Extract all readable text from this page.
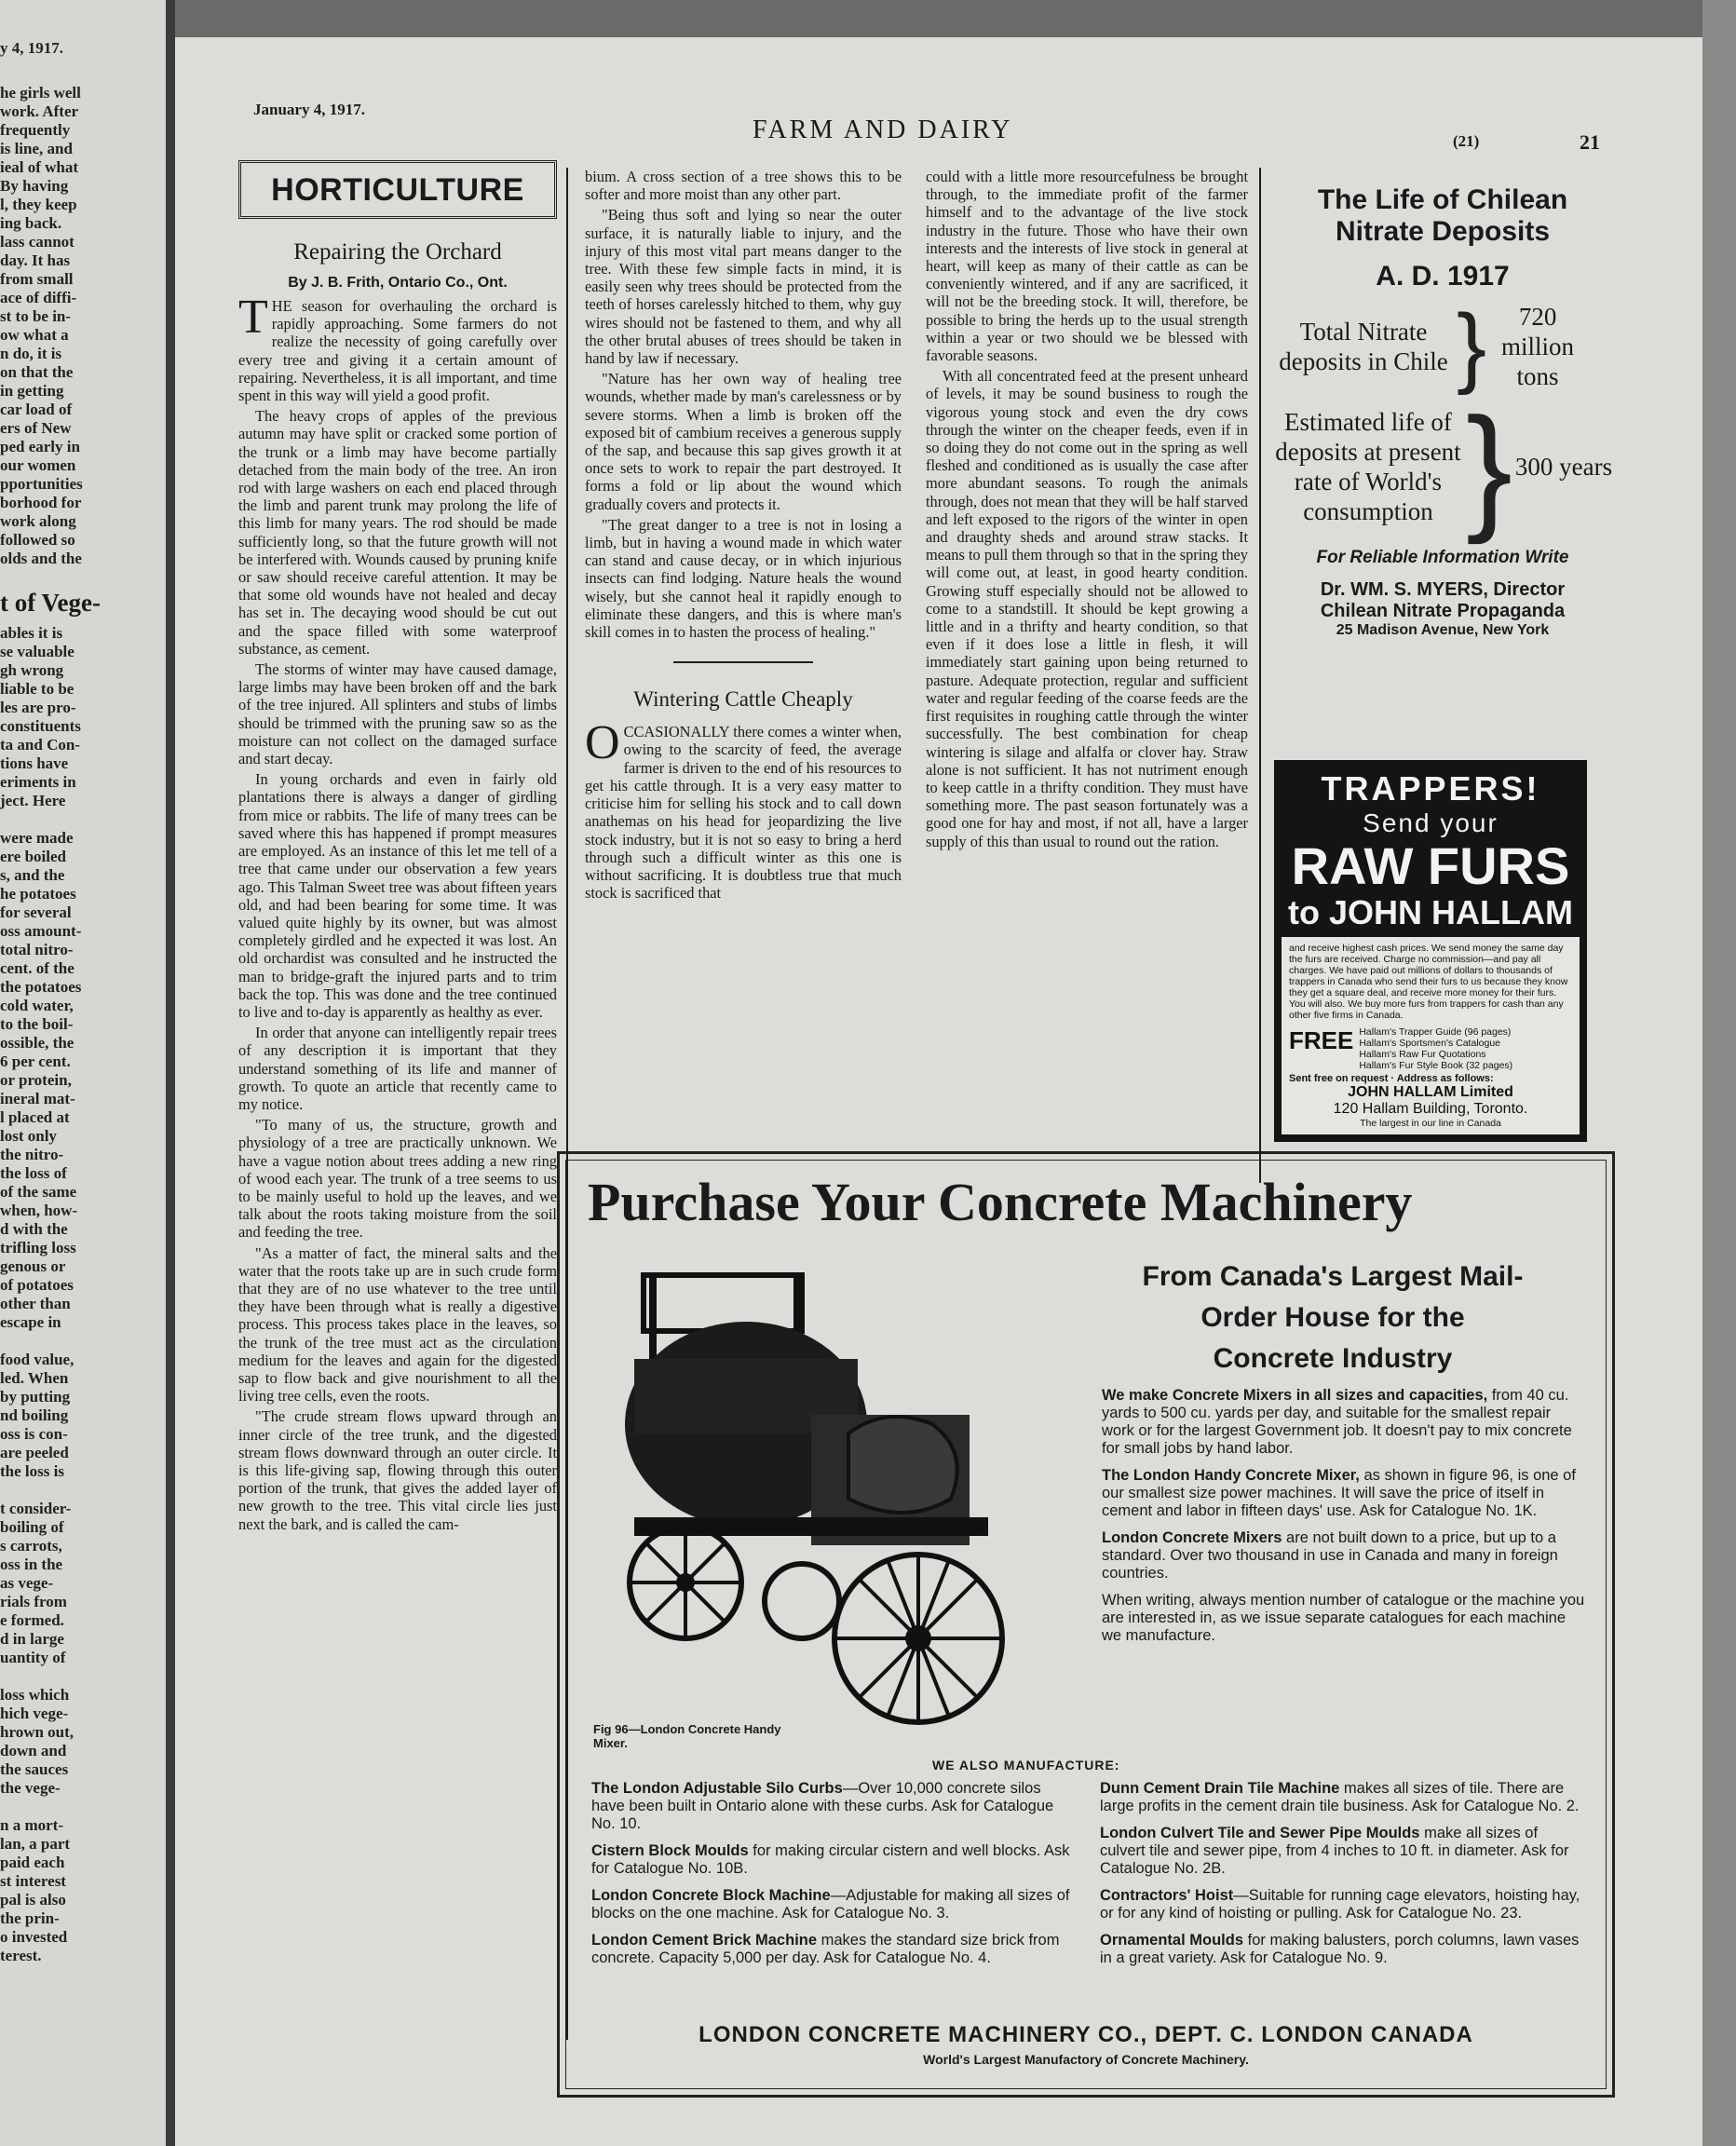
y 4, 1917.
he girls well
work. After
frequently
is line, and
ieal of what
By having
l, they keep
ing back.
lass cannot
day. It has
from small
ace of diffi-
st to be in-
ow what a
n do, it is
on that the
in getting
car load of
ers of New
ped early in
our women
pportunities
borhood for
work along
followed so
olds and the
ables it is
se valuable
gh wrong
liable to be
les are pro-
constituents
ta and Con-
tions have
eriments in
ject. Here
were made
ere boiled
s, and the
he potatoes
for several
oss amount-
total nitro-
cent. of the
the potatoes
cold water,
to the boil-
ossible, the
6 per cent.
or protein,
ineral mat-
l placed at
lost only
the nitro-
the loss of
of the same
when, how-
d with the
trifling loss
genous or
of potatoes
other than
escape in
food value,
led. When
by putting
nd boiling
oss is con-
are peeled
the loss is
t consider-
boiling of
s carrots,
oss in the
as vege-
rials from
e formed.
d in large
uantity of
loss which
hich vege-
hrown out,
down and
the sauces
the vege-
n a mort-
lan, a part
paid each
st interest
pal is also
the prin-
o invested
terest.
t of Vege-
January 4, 1917.
FARM AND DAIRY	(21)	21
HORTICULTURE
Repairing the Orchard
By J. B. Frith, Ontario Co., Ont.

THE season for overhauling the orchard is rapidly approaching. Some farmers do not realize the necessity of going carefully over every tree and giving it a certain amount of repairing. Nevertheless, it is all important, and time spent in this way will yield a good profit.

The heavy crops of apples of the previous autumn may have split or cracked some portion of the trunk or a limb may have become partially detached from the main body of the tree. An iron rod with large washers on each end placed through the limb and parent trunk may prolong the life of this limb for many years. The rod should be made sufficiently long, so that the future growth will not be interfered with. Wounds caused by pruning knife or saw should receive careful attention. It may be that some old wounds have not healed and decay has set in. The decaying wood should be cut out and the space filled with some waterproof substance, as cement.

The storms of winter may have caused damage, large limbs may have been broken off and the bark of the tree injured. All splinters and stubs of limbs should be trimmed with the pruning saw so as the moisture can not collect on the damaged surface and start decay.

In young orchards and even in fairly old plantations there is always a danger of girdling from mice or rabbits. The life of many trees can be saved where this has happened if prompt measures are employed. As an instance of this let me tell of a tree that came under our observation a few years ago. This Talman Sweet tree was about fifteen years old, and had been bearing for some time. It was valued quite highly by its owner, but was almost completely girdled and he expected it was lost. An old orchardist was consulted and he instructed the man to bridge-graft the injured parts and to trim back the top. This was done and the tree continued to live and to-day is apparently as healthy as ever.

In order that anyone can intelligently repair trees of any description it is important that they understand something of its life and manner of growth. To quote an article that recently came to my notice.

"To many of us, the structure, growth and physiology of a tree are practically unknown. We have a vague notion about trees adding a new ring of wood each year. The trunk of a tree seems to us to be mainly useful to hold up the leaves, and we talk about the roots taking moisture from the soil and feeding the tree.

"As a matter of fact, the mineral salts and the water that the roots take up are in such crude form that they are of no use whatever to the tree until they have been through what is really a digestive process. This process takes place in the leaves, so the trunk of the tree must act as the circulation medium for the leaves and again for the digested sap to flow back and give nourishment to all the living tree cells, even the roots.

"The crude stream flows upward through an inner circle of the tree trunk, and the digested stream flows downward through an outer circle. It is this life-giving sap, flowing through this outer portion of the trunk, that gives the added layer of new growth to the tree. This vital circle lies just next the bark, and is called the cam-

bium. A cross section of a tree shows this to be softer and more moist than any other part.

"Being thus soft and lying so near the outer surface, it is naturally liable to injury, and the injury of this most vital part means danger to the tree. With these few simple facts in mind, it is easily seen why trees should be protected from the teeth of horses carelessly hitched to them, why guy wires should not be fastened to them, and why all the other brutal abuses of trees should be taken in hand by law if necessary.

"Nature has her own way of healing tree wounds, whether made by man's carelessness or by severe storms. When a limb is broken off the exposed bit of cambium receives a generous supply of the sap, and because this sap gives growth it at once sets to work to repair the part destroyed. It forms a fold or lip about the wound which gradually covers and protects it.

"The great danger to a tree is not in losing a limb, but in having a wound made in which water can stand and cause decay, or in which injurious insects can find lodging. Nature heals the wound wisely, but she cannot heal it rapidly enough to eliminate these dangers, and this is where man's skill comes in to hasten the process of healing."

Wintering Cattle Cheaply

OCCASIONALLY there comes a winter when, owing to the scarcity of feed, the average farmer is driven to the end of his resources to get his cattle through. It is a very easy matter to criticise him for selling his stock and to call down anathemas on his head for jeopardizing the live stock industry, but it is not so easy to bring a herd through such a difficult winter as this one is without sacrificing. It is doubtless true that much stock is sacrificed that

could with a little more resourcefulness be brought through, to the immediate profit of the farmer himself and to the advantage of the live stock industry in the future. Those who have their own interests and the interests of live stock in general at heart, will keep as many of their cattle as can be conveniently wintered, and if any are sacrificed, it will not be the breeding stock. It will, therefore, be possible to bring the herds up to the usual strength within a year or two should we be blessed with favorable seasons.

With all concentrated feed at the present unheard of levels, it may be sound business to rough the vigorous young stock and even the dry cows through the winter on the cheaper feeds, even if in so doing they do not come out in the spring as well fleshed and conditioned as is usually the case after more abundant seasons. To rough the animals through, does not mean that they will be half starved and left exposed to the rigors of the winter in open and draughty sheds and around straw stacks. It means to pull them through so that in the spring they will come out, at least, in good hearty condition. Growing stuff especially should not be allowed to come to a standstill. It should be kept growing a little and in a thrifty and hearty condition, so that even if it does lose a little in flesh, it will immediately start gaining upon being returned to pasture. Adequate protection, regular and sufficient water and regular feeding of the coarse feeds are the first requisites in roughing cattle through the winter successfully. The best combination for cheap wintering is silage and alfalfa or clover hay. Straw alone is not sufficient. It has not nutriment enough to keep cattle in a thrifty condition. They must have something more. The past season fortunately was a good one for hay and most, if not all, have a larger supply of this than usual to round out the ration.

The Life of Chilean Nitrate Deposits
A. D. 1917
Total Nitrate deposits in Chile }	720 million tons
Estimated life of deposits at present rate of World's consumption } 300 years
For Reliable Information Write
Dr. WM. S. MYERS, Director
Chilean Nitrate Propaganda
25 Madison Avenue, New York
TRAPPERS!
Send your
RAW FURS
to JOHN HALLAM
and receive highest cash prices. We send money the same day the furs are received. Charge no commission—and pay all charges. We have paid out millions of dollars to thousands of trappers in Canada who send their furs to us because they know they get a square deal, and receive more money for their furs. You will also. We buy more furs from trappers for cash than any other five firms in Canada.
FREE Hallam's Trapper Guide (96 pages)
Hallam's Sportsmen's Catalogue
Hallam's Raw Fur Quotations
Hallam's Fur Style Book (32 pages)
Sent free on request · Address as follows:
JOHN HALLAM Limited
120 Hallam Building, Toronto.
The largest in our line in Canada
Purchase Your Concrete Machinery
From Canada's Largest Mail-
Order House for the
Concrete Industry
Fig 96—London Concrete Handy Mixer.

We make Concrete Mixers in all sizes and capacities, from 40 cu. yards to 500 cu. yards per day, and suitable for the smallest repair work or for the largest Government job. It doesn't pay to mix concrete for small jobs by hand labor.

The London Handy Concrete Mixer, as shown in figure 96, is one of our smallest size power machines. It will save the price of itself in cement and labor in fifteen days' use. Ask for Catalogue No. 1K.

London Concrete Mixers are not built down to a price, but up to a standard. Over two thousand in use in Canada and many in foreign countries.

When writing, always mention number of catalogue or the machine you are interested in, as we issue separate catalogues for each machine we manufacture.

WE ALSO MANUFACTURE:

The London Adjustable Silo Curbs—Over 10,000 concrete silos have been built in Ontario alone with these curbs. Ask for Catalogue No. 10.

Cistern Block Moulds for making circular cistern and well blocks. Ask for Catalogue No. 10B.

London Concrete Block Machine—Adjustable for making all sizes of blocks on the one machine. Ask for Catalogue No. 3.

London Cement Brick Machine makes the standard size brick from concrete. Capacity 5,000 per day. Ask for Catalogue No. 4.

Dunn Cement Drain Tile Machine makes all sizes of tile. There are large profits in the cement drain tile business. Ask for Catalogue No. 2.

London Culvert Tile and Sewer Pipe Moulds make all sizes of culvert tile and sewer pipe, from 4 inches to 10 ft. in diameter. Ask for Catalogue No. 2B.

Contractors' Hoist—Suitable for running cage elevators, hoisting hay, or for any kind of hoisting or pulling. Ask for Catalogue No. 23.

Ornamental Moulds for making balusters, porch columns, lawn vases in a great variety. Ask for Catalogue No. 9.

LONDON CONCRETE MACHINERY CO., DEPT. C. LONDON CANADA
World's Largest Manufactory of Concrete Machinery.
